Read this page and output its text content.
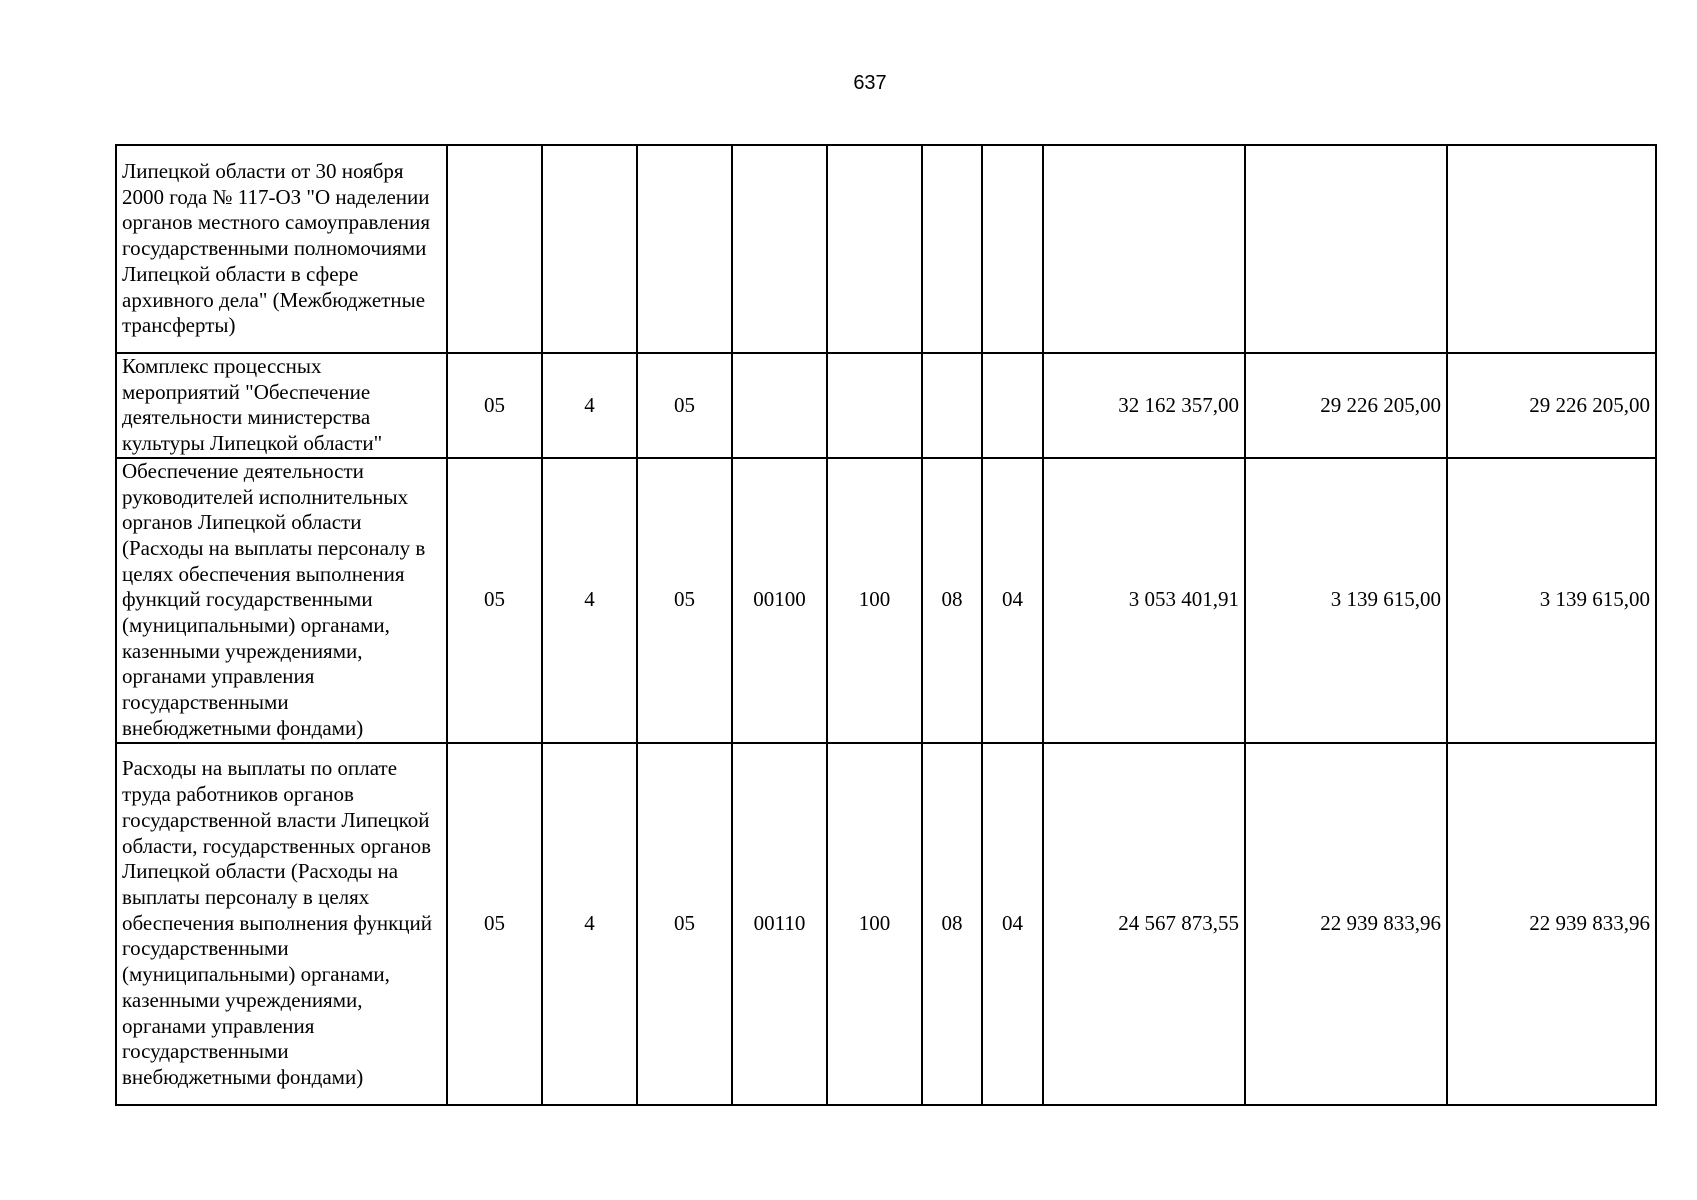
637
Липецкой области от 30 ноября 2000 года № 117-ОЗ "О наделении органов местного самоуправления государственными полномочиями Липецкой области в сфере архивного дела" (Межбюджетные трансферты)										
Комплекс процессных мероприятий "Обеспечение деятельности министерства культуры Липецкой области"	05	4	05					32 162 357,00	29 226 205,00	29 226 205,00
Обеспечение деятельности руководителей исполнительных органов Липецкой области (Расходы на выплаты персоналу в целях обеспечения выполнения функций государственными (муниципальными) органами, казенными учреждениями, органами управления государственными внебюджетными фондами)	05	4	05	00100	100	08	04	3 053 401,91	3 139 615,00	3 139 615,00
Расходы на выплаты по оплате труда работников органов государственной власти Липецкой области, государственных органов Липецкой области (Расходы на выплаты персоналу в целях обеспечения выполнения функций государственными (муниципальными) органами, казенными учреждениями, органами управления государственными внебюджетными фондами)	05	4	05	00110	100	08	04	24 567 873,55	22 939 833,96	22 939 833,96
